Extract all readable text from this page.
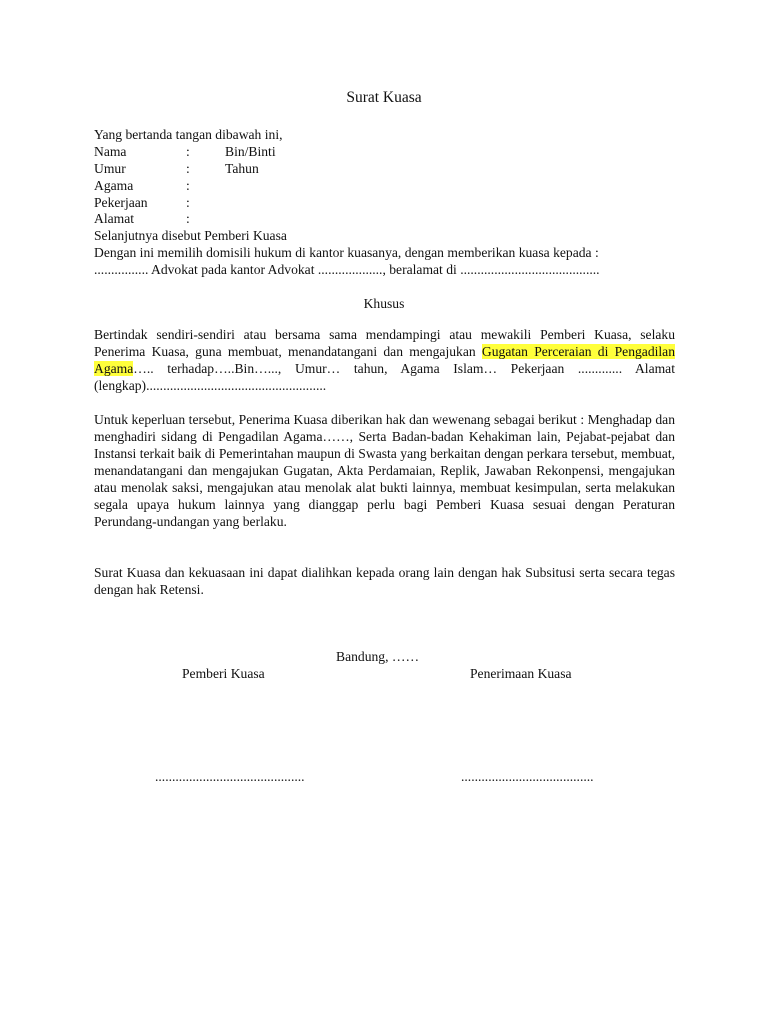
Surat Kuasa
Yang bertanda tangan dibawah ini,
Nama	:	Bin/Binti
Umur	:	Tahun
Agama	:
Pekerjaan	:
Alamat	:
Selanjutnya disebut Pemberi Kuasa
Dengan ini memilih domisili hukum di kantor kuasanya, dengan memberikan kuasa kepada :
................ Advokat pada kantor Advokat ..................., beralamat di .........................................
Khusus
Bertindak sendiri-sendiri atau bersama sama mendampingi atau mewakili Pemberi Kuasa, selaku Penerima Kuasa, guna membuat, menandatangani dan mengajukan Gugatan Perceraian di Pengadilan Agama….. terhadap…..Bin…..., Umur… tahun, Agama Islam… Pekerjaan ............. Alamat (lengkap).....................................................
Untuk keperluan tersebut, Penerima Kuasa diberikan hak dan wewenang sebagai berikut : Menghadap dan menghadiri sidang di Pengadilan Agama……, Serta Badan-badan Kehakiman lain, Pejabat-pejabat dan Instansi terkait baik di Pemerintahan maupun di Swasta yang berkaitan dengan perkara tersebut, membuat, menandatangani dan mengajukan Gugatan, Akta Perdamaian, Replik, Jawaban Rekonpensi, mengajukan atau menolak saksi, mengajukan atau menolak alat bukti lainnya, membuat kesimpulan, serta melakukan segala upaya hukum lainnya yang dianggap perlu bagi Pemberi Kuasa sesuai dengan Peraturan Perundang-undangan yang berlaku.
Surat Kuasa dan kekuasaan ini dapat dialihkan kepada orang lain dengan hak Subsitusi serta secara tegas dengan hak Retensi.
Bandung, ……
Pemberi Kuasa	Penerimaan Kuasa
............................................	.......................................
